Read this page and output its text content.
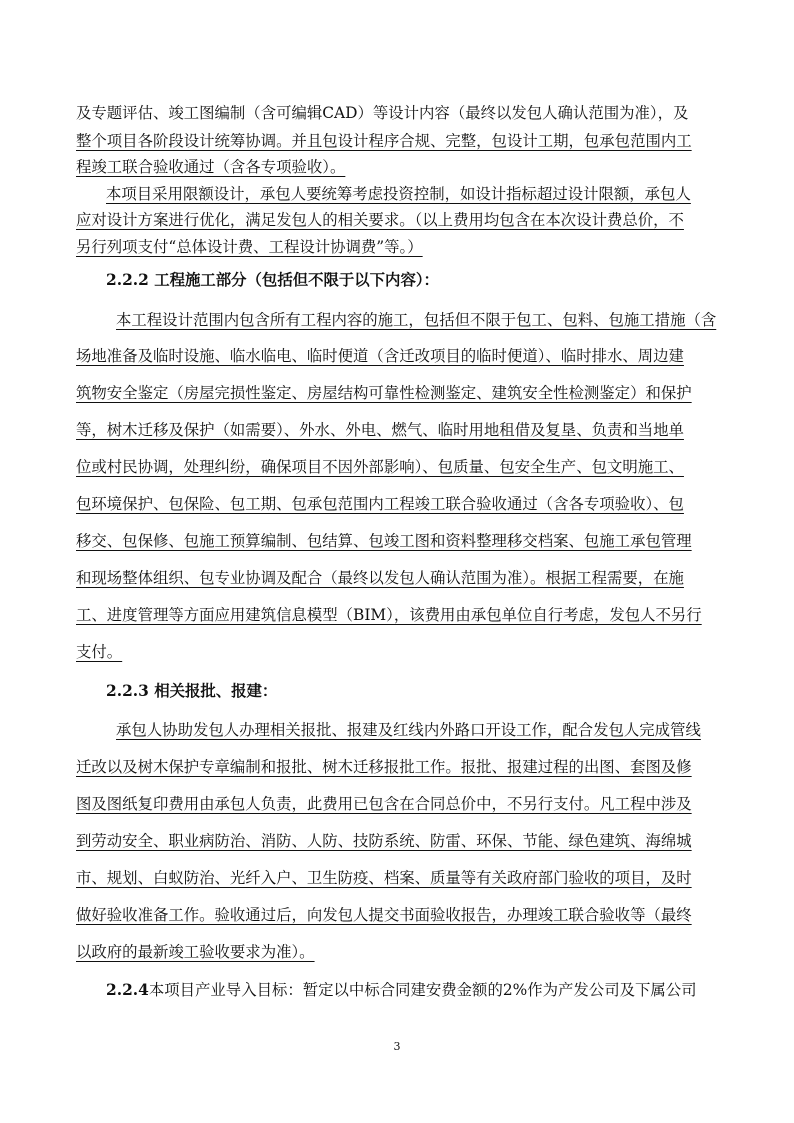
及专题评估、竣工图编制（含可编辑CAD）等设计内容（最终以发包人确认范围为准），及
整个项目各阶段设计统筹协调。并且包设计程序合规、完整，包设计工期，包承包范围内工
程竣工联合验收通过（含各专项验收）。
本项目采用限额设计，承包人要统筹考虑投资控制，如设计指标超过设计限额，承包人
应对设计方案进行优化，满足发包人的相关要求。（以上费用均包含在本次设计费总价，不
另行列项支付“总体设计费、工程设计协调费”等。）
2.2.2 工程施工部分（包括但不限于以下内容）：
本工程设计范围内包含所有工程内容的施工，包括但不限于包工、包料、包施工措施（含
场地准备及临时设施、临水临电、临时便道（含迁改项目的临时便道）、临时排水、周边建
筑物安全鉴定（房屋完损性鉴定、房屋结构可靠性检测鉴定、建筑安全性检测鉴定）和保护
等，树木迁移及保护（如需要）、外水、外电、燃气、临时用地租借及复垦、负责和当地单
位或村民协调，处理纠纷，确保项目不因外部影响）、包质量、包安全生产、包文明施工、
包环境保护、包保险、包工期、包承包范围内工程竣工联合验收通过（含各专项验收）、包
移交、包保修、包施工预算编制、包结算、包竣工图和资料整理移交档案、包施工承包管理
和现场整体组织、包专业协调及配合（最终以发包人确认范围为准）。根据工程需要，在施
工、进度管理等方面应用建筑信息模型（BIM），该费用由承包单位自行考虑，发包人不另行
支付。
2.2.3 相关报批、报建：
承包人协助发包人办理相关报批、报建及红线内外路口开设工作，配合发包人完成管线
迁改以及树木保护专章编制和报批、树木迁移报批工作。报批、报建过程的出图、套图及修
图及图纸复印费用由承包人负责，此费用已包含在合同总价中，不另行支付。凡工程中涉及
到劳动安全、职业病防治、消防、人防、技防系统、防雷、环保、节能、绿色建筑、海绵城
市、规划、白蚁防治、光纤入户、卫生防疫、档案、质量等有关政府部门验收的项目，及时
做好验收准备工作。验收通过后，向发包人提交书面验收报告，办理竣工联合验收等（最终
以政府的最新竣工验收要求为准）。
2.2.4本项目产业导入目标：暂定以中标合同建安费金额的2%作为产发公司及下属公司
3
